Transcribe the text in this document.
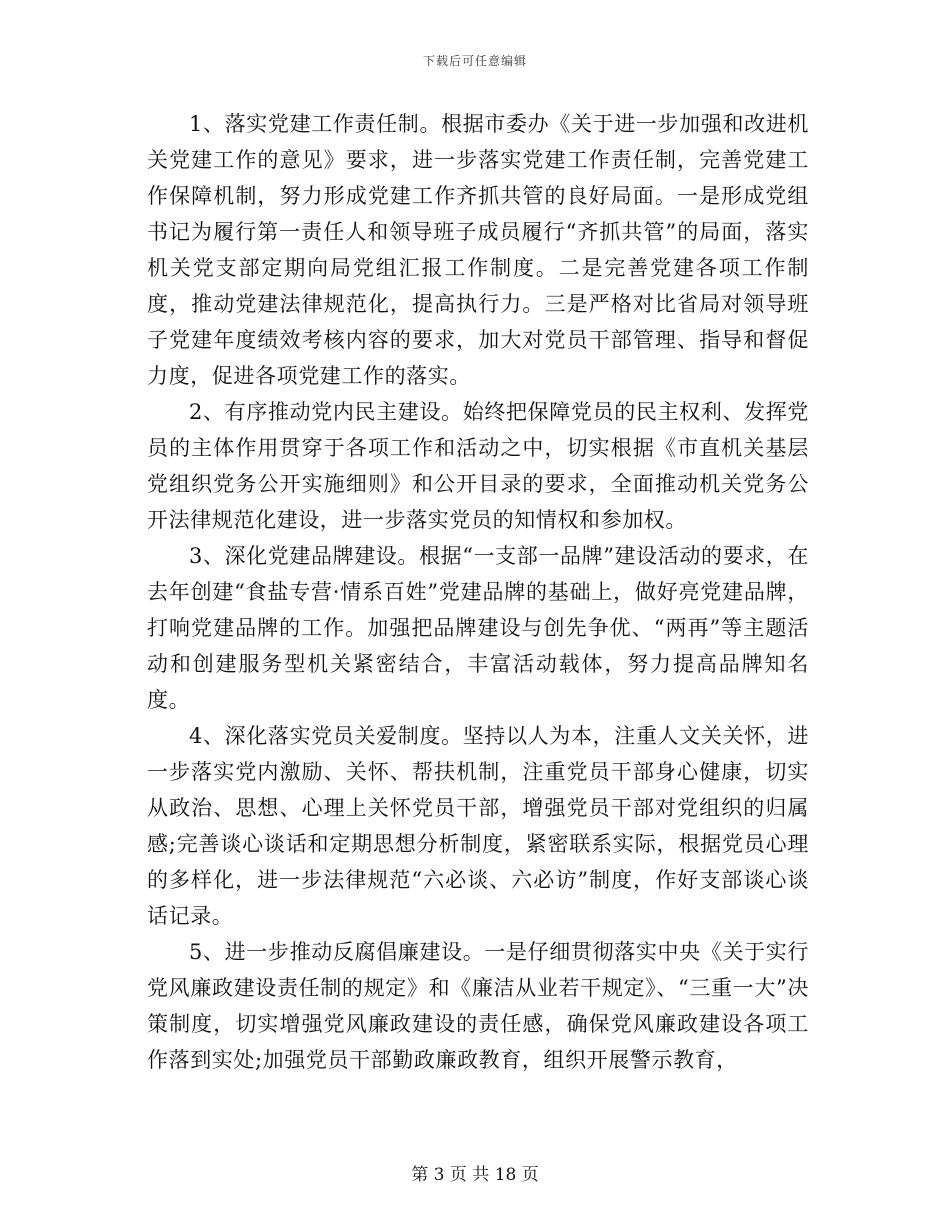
下载后可任意编辑

1、落实党建工作责任制。根据市委办《关于进一步加强和改进机关党建工作的意见》要求，进一步落实党建工作责任制，完善党建工作保障机制，努力形成党建工作齐抓共管的良好局面。一是形成党组书记为履行第一责任人和领导班子成员履行“齐抓共管”的局面，落实机关党支部定期向局党组汇报工作制度。二是完善党建各项工作制度，推动党建法律规范化，提高执行力。三是严格对比省局对领导班子党建年度绩效考核内容的要求，加大对党员干部管理、指导和督促力度，促进各项党建工作的落实。

2、有序推动党内民主建设。始终把保障党员的民主权利、发挥党员的主体作用贯穿于各项工作和活动之中，切实根据《市直机关基层党组织党务公开实施细则》和公开目录的要求，全面推动机关党务公开法律规范化建设，进一步落实党员的知情权和参加权。

3、深化党建品牌建设。根据“一支部一品牌”建设活动的要求，在去年创建“食盐专营·情系百姓”党建品牌的基础上，做好亮党建品牌，打响党建品牌的工作。加强把品牌建设与创先争优、“两再”等主题活动和创建服务型机关紧密结合，丰富活动载体，努力提高品牌知名度。

4、深化落实党员关爱制度。坚持以人为本，注重人文关关怀，进一步落实党内激励、关怀、帮扶机制，注重党员干部身心健康，切实从政治、思想、心理上关怀党员干部，增强党员干部对党组织的归属感;完善谈心谈话和定期思想分析制度，紧密联系实际，根据党员心理的多样化，进一步法律规范“六必谈、六必访”制度，作好支部谈心谈话记录。

5、进一步推动反腐倡廉建设。一是仔细贯彻落实中央《关于实行党风廉政建设责任制的规定》和《廉洁从业若干规定》、“三重一大”决策制度，切实增强党风廉政建设的责任感，确保党风廉政建设各项工作落到实处;加强党员干部勤政廉政教育，组织开展警示教育，

第 3 页 共 18 页
